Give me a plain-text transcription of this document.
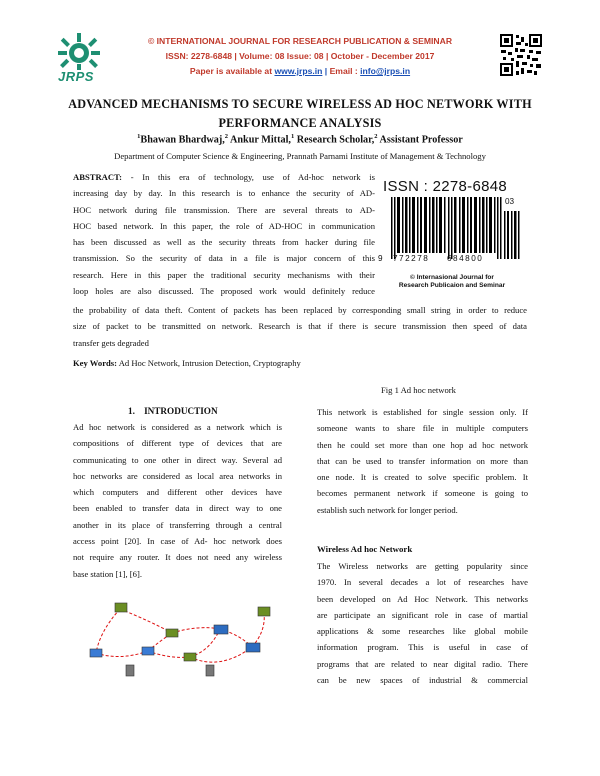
JRPS
© INTERNATIONAL JOURNAL FOR RESEARCH PUBLICATION & SEMINAR
ISSN: 2278-6848 | Volume: 08 Issue: 08 | October - December 2017
Paper is available at www.jrps.in | Email : info@jrps.in
ADVANCED MECHANISMS TO SECURE WIRELESS AD HOC NETWORK WITH
PERFORMANCE ANALYSIS
$^1$Bhawan Bhardwaj,$^2$ Ankur Mittal,$^1$ Research Scholar,$^2$ Assistant Professor
Department of Computer Science & Engineering, Prannath Parnami Institute of Management & Technology
ABSTRACT: - In this era of technology, use of Ad-hoc network is
increasing day by day. In this research is to enhance the security of AD-
HOC network during file transmission. There are several threats to AD-
HOC based network. In this paper, the role of AD-HOC in communication
has been discussed as well as the security threats from hacker during file
transmission. So the security of data in a file is major concern of this
research. Here in this paper the traditional security mechanisms with their
loop holes are also discussed. The proposed work would definitely reduce
ISSN : 2278-6848
03
9 772278 684800
© Internasional Journal for
Research Publicaion and Seminar
the probability of data theft. Content of packets has been replaced by corresponding small string in order to reduce
size of packet to be transmitted on network. Research is that if there is secure transmission then speed of data
transfer gets degraded
Key Words: Ad Hoc Network, Intrusion Detection, Cryptography
Fig 1 Ad hoc network
1. INTRODUCTION
Ad hoc network is considered as a network which is
compositions of different type of devices that are
communicating to one other in direct way. Several ad
hoc networks are considered as local area networks in
which computers and different other devices have
been enabled to transfer data in direct way to one
another in its place of transferring through a central
access point [20]. In case of Ad- hoc network does
not require any router. It does not need any wireless
base station [1], [6].
This network is established for single session only. If
someone wants to share file in multiple computers
then he could set more than one hop ad hoc network
that can be used to transfer information on more than
one node. It is created to solve specific problem. It
becomes permanent network if someone is going to
establish such network for longer period.
Wireless Ad hoc Network
The Wireless networks are getting popularity since
1970. In several decades a lot of researches have
been developed on Ad Hoc Network. This networks
are participate an significant role in case of martial
applications & some researches like global mobile
information program. This is useful in case of
programs that are related to near digital radio. There
can be new spaces of industrial & commercial
